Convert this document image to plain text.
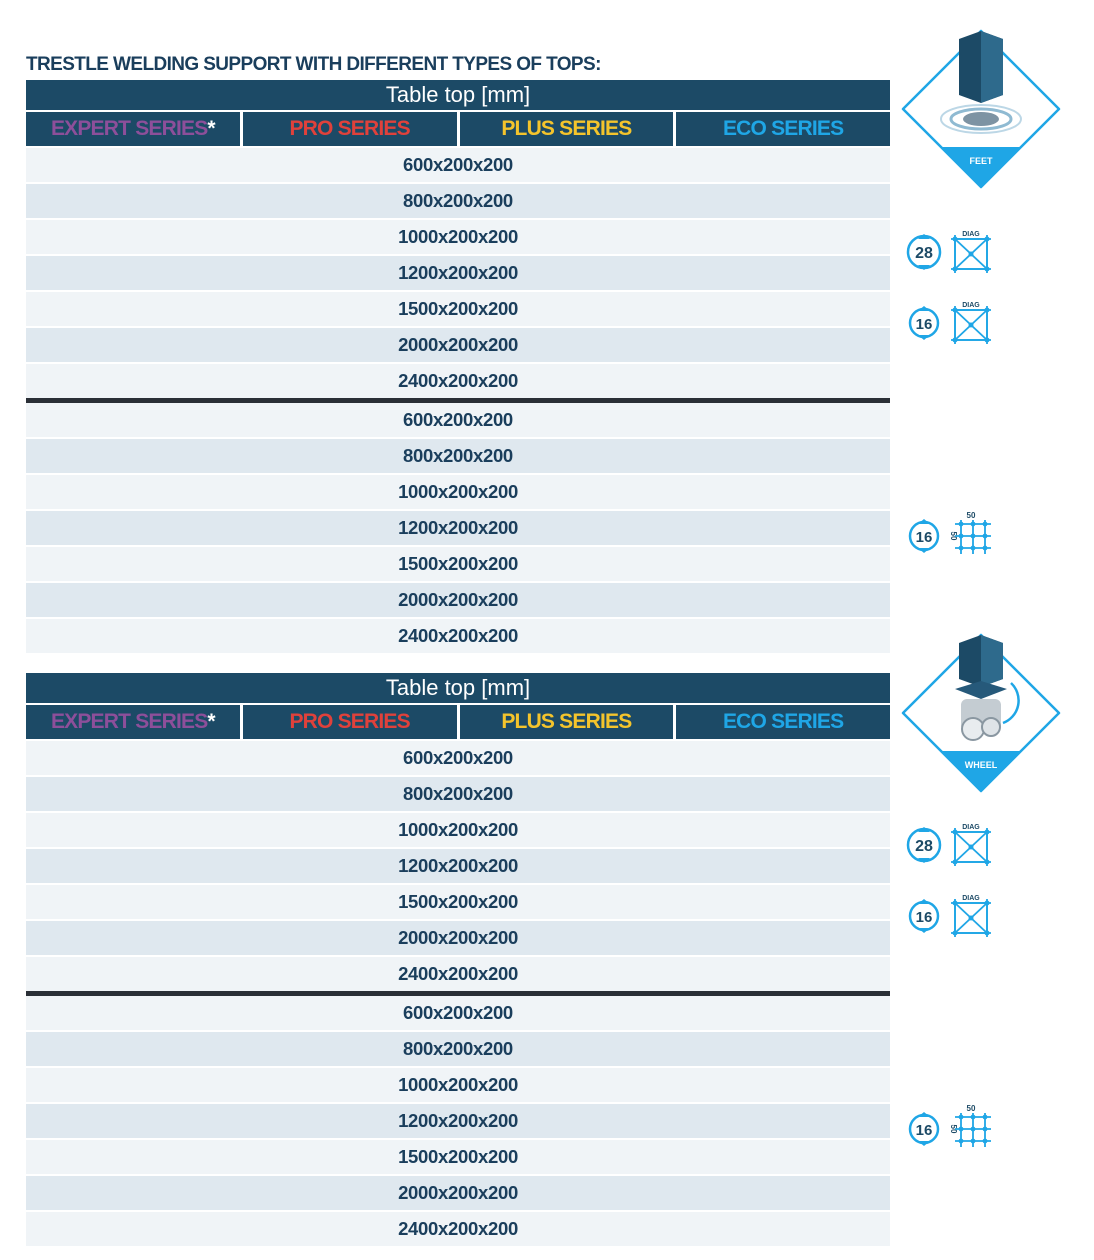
TRESTLE WELDING SUPPORT WITH DIFFERENT TYPES OF TOPS:
Table top [mm]
EXPERT SERIES*	PRO SERIES	PLUS SERIES	ECO SERIES
600x200x200
800x200x200
1000x200x200
1200x200x200
1500x200x200
2000x200x200
2400x200x200
600x200x200
800x200x200
1000x200x200
1200x200x200
1500x200x200
2000x200x200
2400x200x200
Table top [mm]
EXPERT SERIES*	PRO SERIES	PLUS SERIES	ECO SERIES
600x200x200
800x200x200
1000x200x200
1200x200x200
1500x200x200
2000x200x200
2400x200x200
600x200x200
800x200x200
1000x200x200
1200x200x200
1500x200x200
2000x200x200
2400x200x200
FEET
WHEEL
28
DIAG
16
DIAG
16
50
50
28
DIAG
16
DIAG
16
50
50
